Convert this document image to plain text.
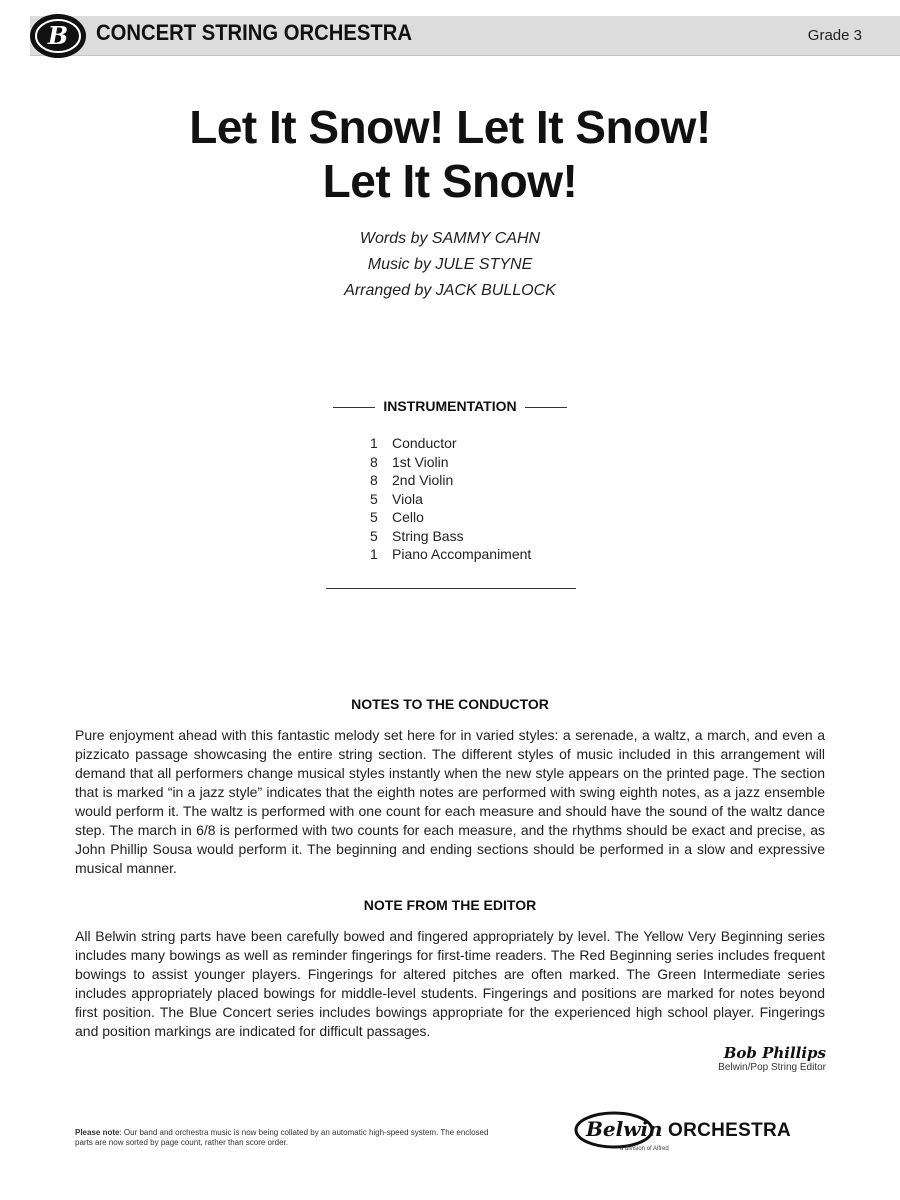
B CONCERT STRING ORCHESTRA	Grade 3
Let It Snow! Let It Snow!
Let It Snow!
Words by SAMMY CAHN
Music by JULE STYNE
Arranged by JACK BULLOCK
INSTRUMENTATION
1	Conductor
8	1st Violin
8	2nd Violin
5	Viola
5	Cello
5	String Bass
1	Piano Accompaniment
NOTES TO THE CONDUCTOR
Pure enjoyment ahead with this fantastic melody set here for in varied styles: a serenade, a waltz, a march, and even a pizzicato passage showcasing the entire string section. The different styles of music included in this arrangement will demand that all performers change musical styles instantly when the new style appears on the printed page. The section that is marked “in a jazz style” indicates that the eighth notes are performed with swing eighth notes, as a jazz ensemble would perform it. The waltz is performed with one count for each measure and should have the sound of the waltz dance step. The march in 6/8 is performed with two counts for each measure, and the rhythms should be exact and precise, as John Phillip Sousa would perform it. The beginning and ending sections should be performed in a slow and expressive musical manner.
NOTE FROM THE EDITOR
All Belwin string parts have been carefully bowed and fingered appropriately by level. The Yellow Very Beginning series includes many bowings as well as reminder fingerings for first-time readers. The Red Beginning series includes frequent bowings to assist younger players. Fingerings for altered pitches are often marked. The Green Intermediate series includes appropriately placed bowings for middle-level students. Fingerings and positions are marked for notes beyond first position. The Blue Concert series includes bowings appropriate for the experienced high school player. Fingerings and position markings are indicated for difficult passages.
Bob Phillips
Belwin/Pop String Editor
Please note: Our band and orchestra music is now being collated by an automatic high-speed system. The enclosed parts are now sorted by page count, rather than score order.
Belwin ORCHESTRA
a division of Alfred
